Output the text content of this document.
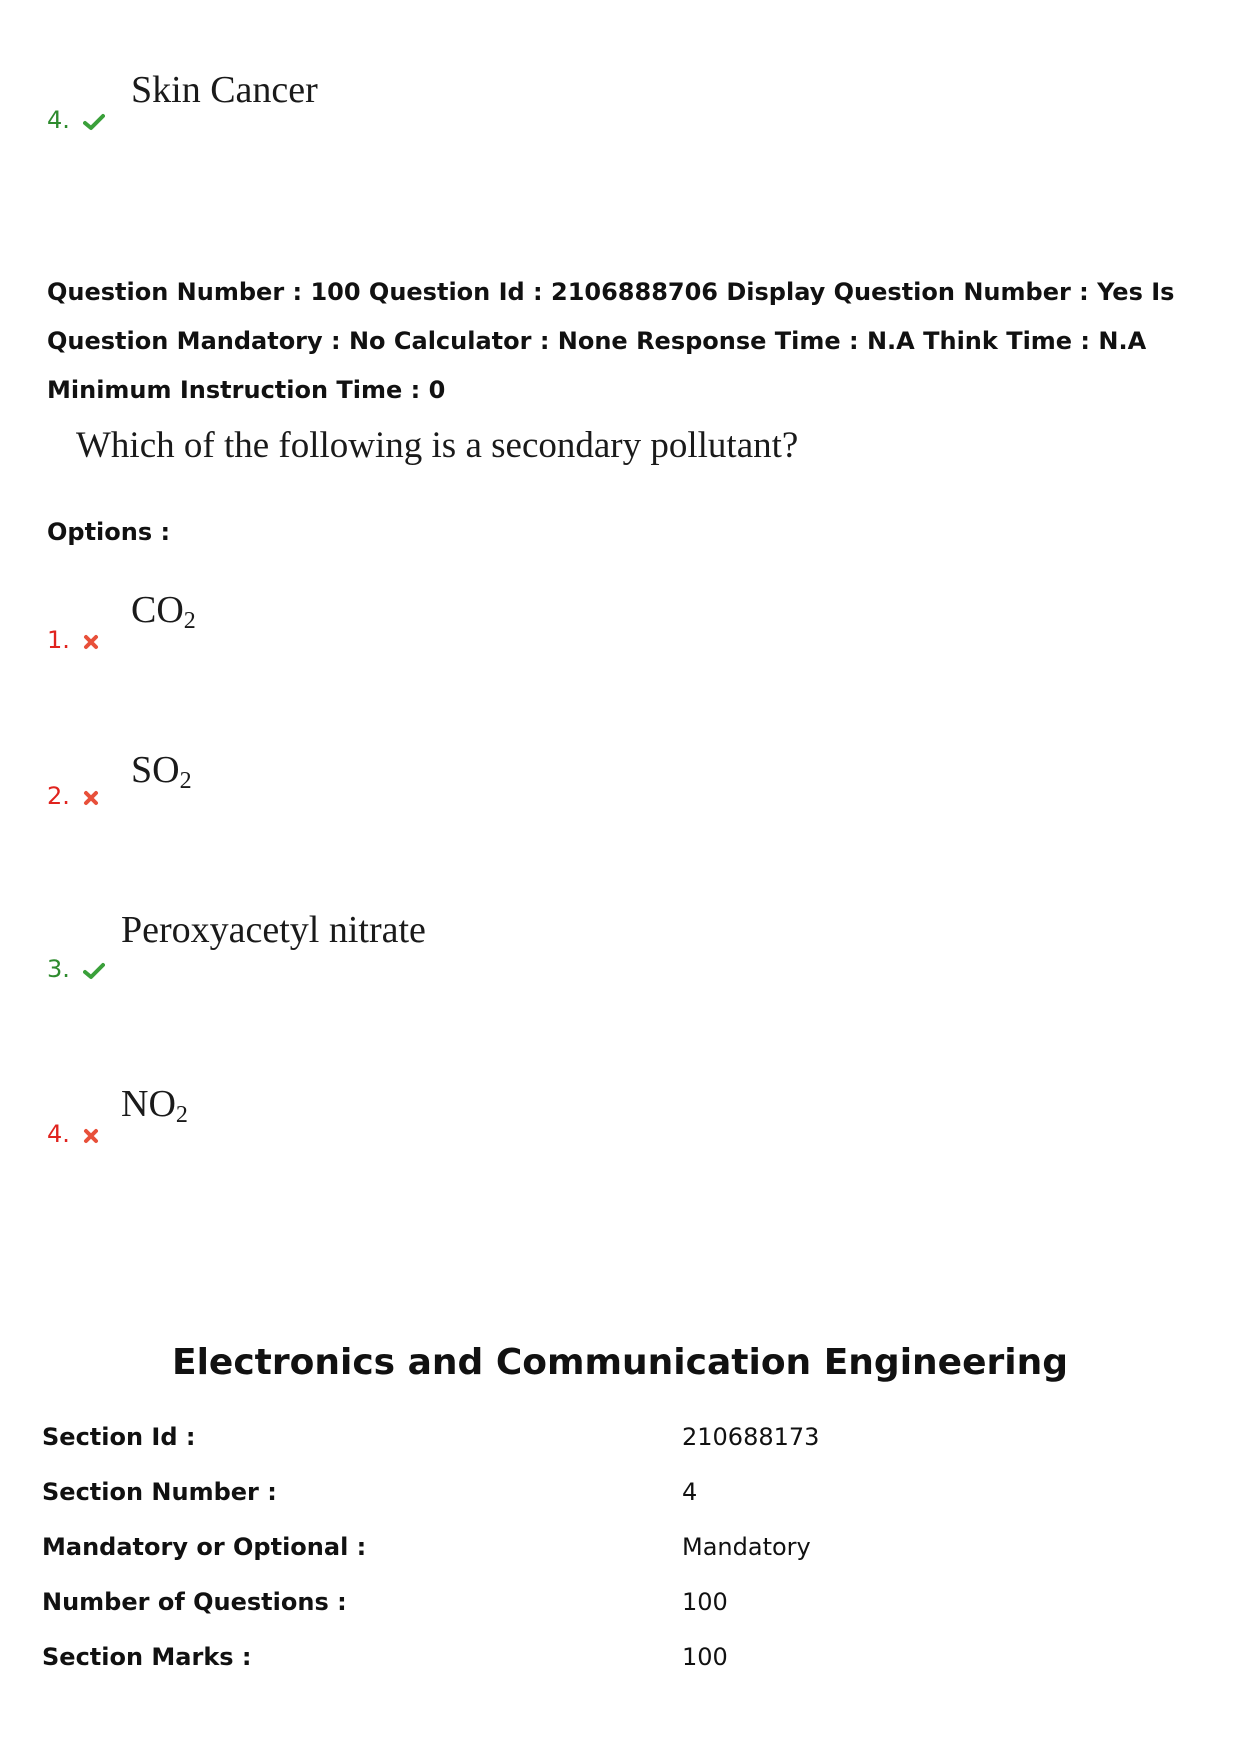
4.
Skin Cancer
Question Number : 100 Question Id : 2106888706 Display Question Number : Yes Is Question Mandatory : No Calculator : None Response Time : N.A Think Time : N.A Minimum Instruction Time : 0
Which of the following is a secondary pollutant?
Options :
1.
$CO_2$
2.
$SO_2$
3.
Peroxyacetyl nitrate
4.
$NO_2$
Electronics and Communication Engineering
Section Id :	210688173
Section Number :	4
Mandatory or Optional :	Mandatory
Number of Questions :	100
Section Marks :	100
